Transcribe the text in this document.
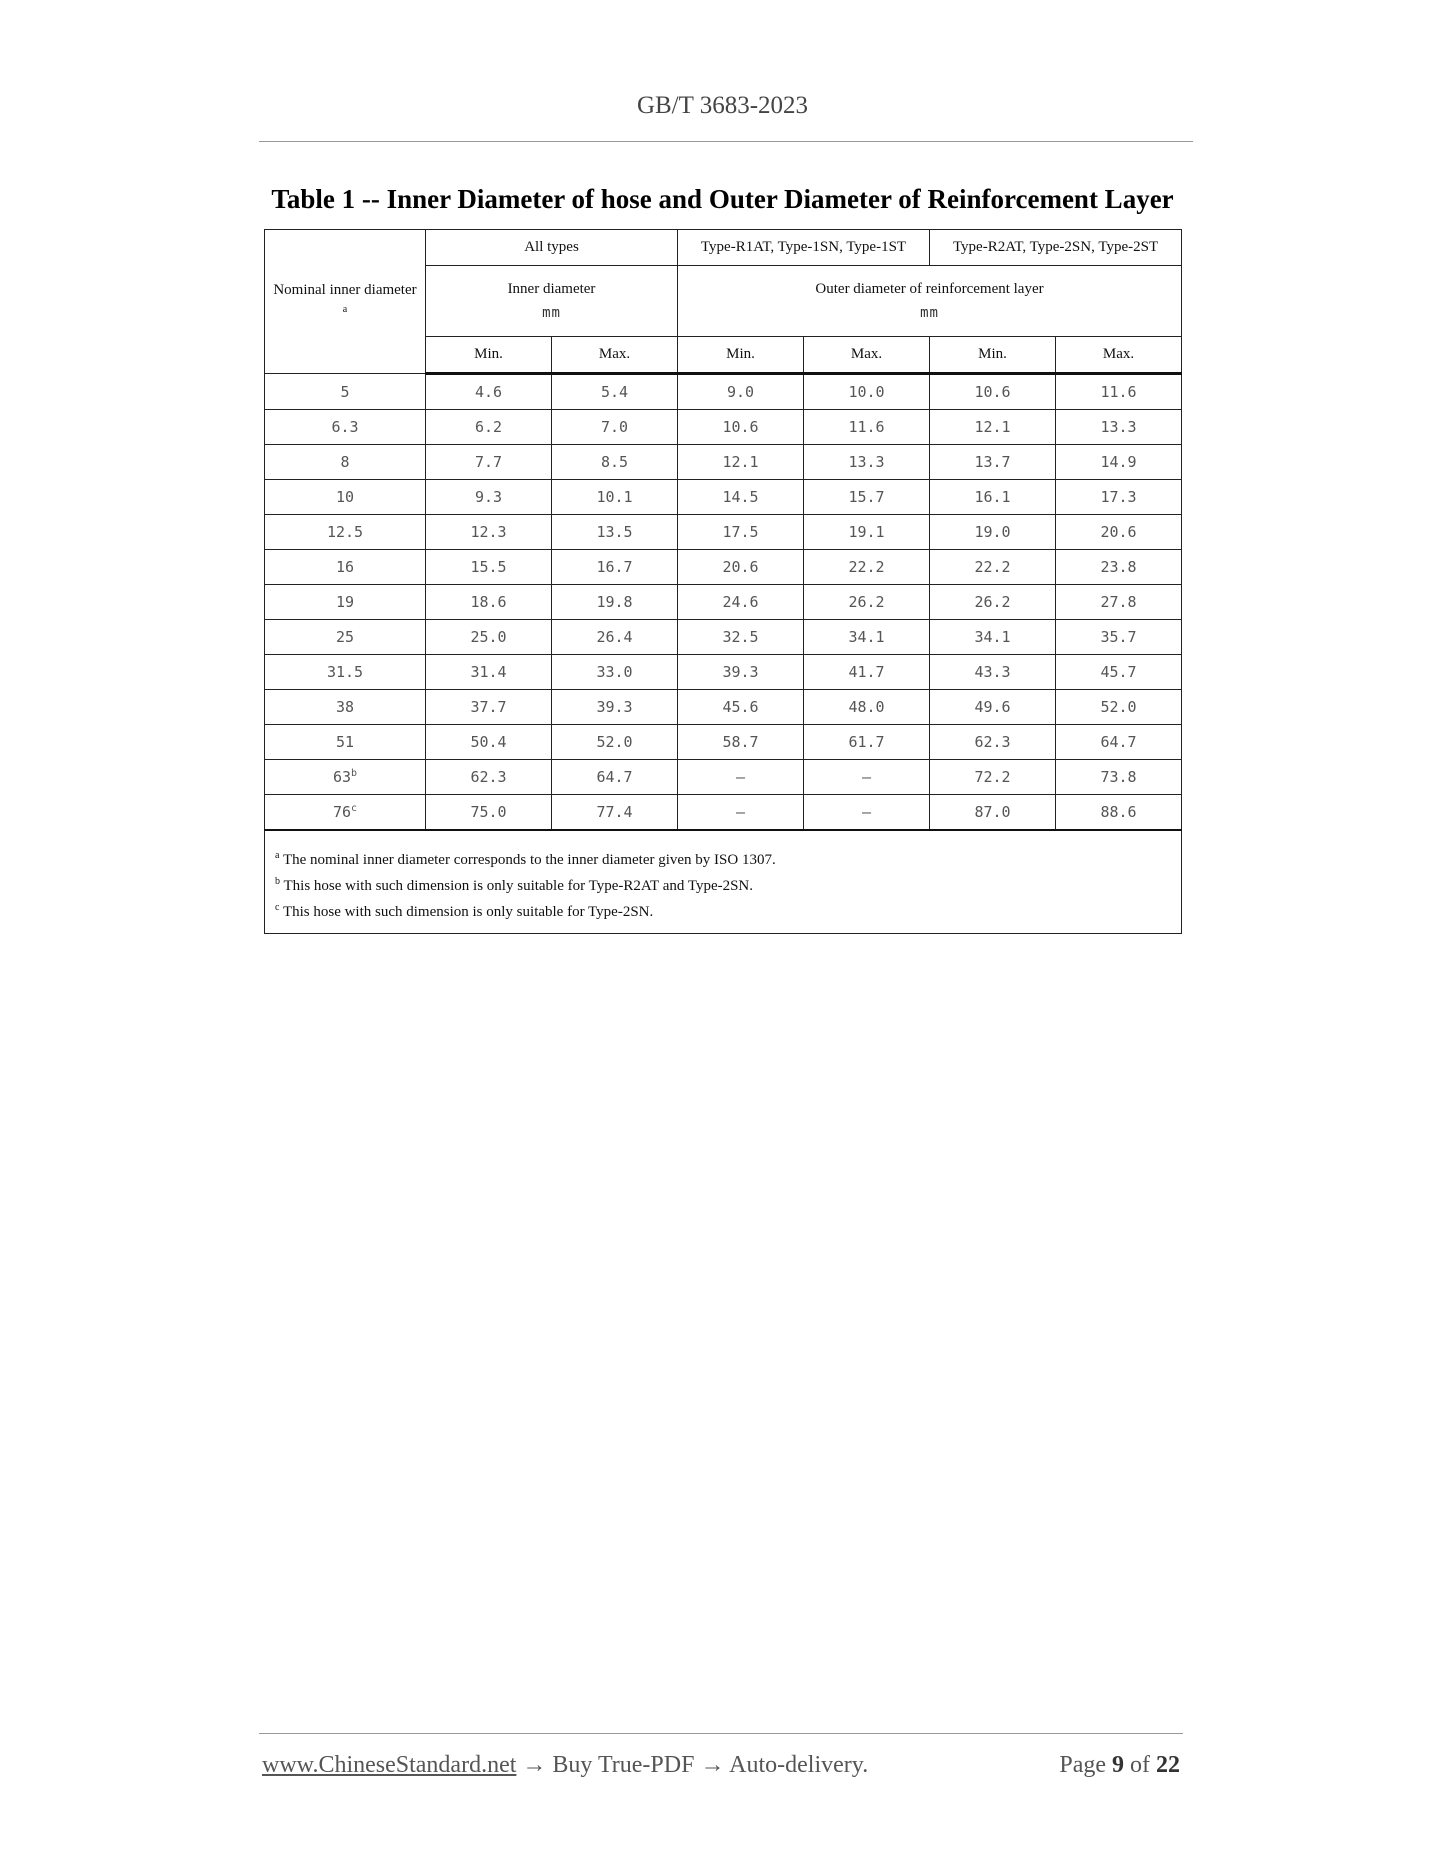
GB/T 3683-2023
Table 1 -- Inner Diameter of hose and Outer Diameter of Reinforcement Layer
Nominal inner diameter
$^a$	All types		Type-R1AT, Type-1SN, Type-1ST		Type-R2AT, Type-2SN, Type-2ST	

	Inner diameter
mm		Outer diameter of reinforcement layer
mm			

	Min.	Max.	Min.	Max.	Min.	Max.
5	4.6	5.4	9.0	10.0	10.6	11.6
6.3	6.2	7.0	10.6	11.6	12.1	13.3
8	7.7	8.5	12.1	13.3	13.7	14.9
10	9.3	10.1	14.5	15.7	16.1	17.3
12.5	12.3	13.5	17.5	19.1	19.0	20.6
16	15.5	16.7	20.6	22.2	22.2	23.8
19	18.6	19.8	24.6	26.2	26.2	27.8
25	25.0	26.4	32.5	34.1	34.1	35.7
31.5	31.4	33.0	39.3	41.7	43.3	45.7
38	37.7	39.3	45.6	48.0	49.6	52.0
51	50.4	52.0	58.7	61.7	62.3	64.7
63$^b$	62.3	64.7	—	—	72.2	73.8
76$^c$	75.0	77.4	—	—	87.0	88.6

$^a$ The nominal inner diameter corresponds to the inner diameter given by ISO 1307.
$^b$ This hose with such dimension is only suitable for Type-R2AT and Type-2SN.
$^c$ This hose with such dimension is only suitable for Type-2SN.						
www.ChineseStandard.net → Buy True-PDF → Auto-delivery.	Page 9 of 22
